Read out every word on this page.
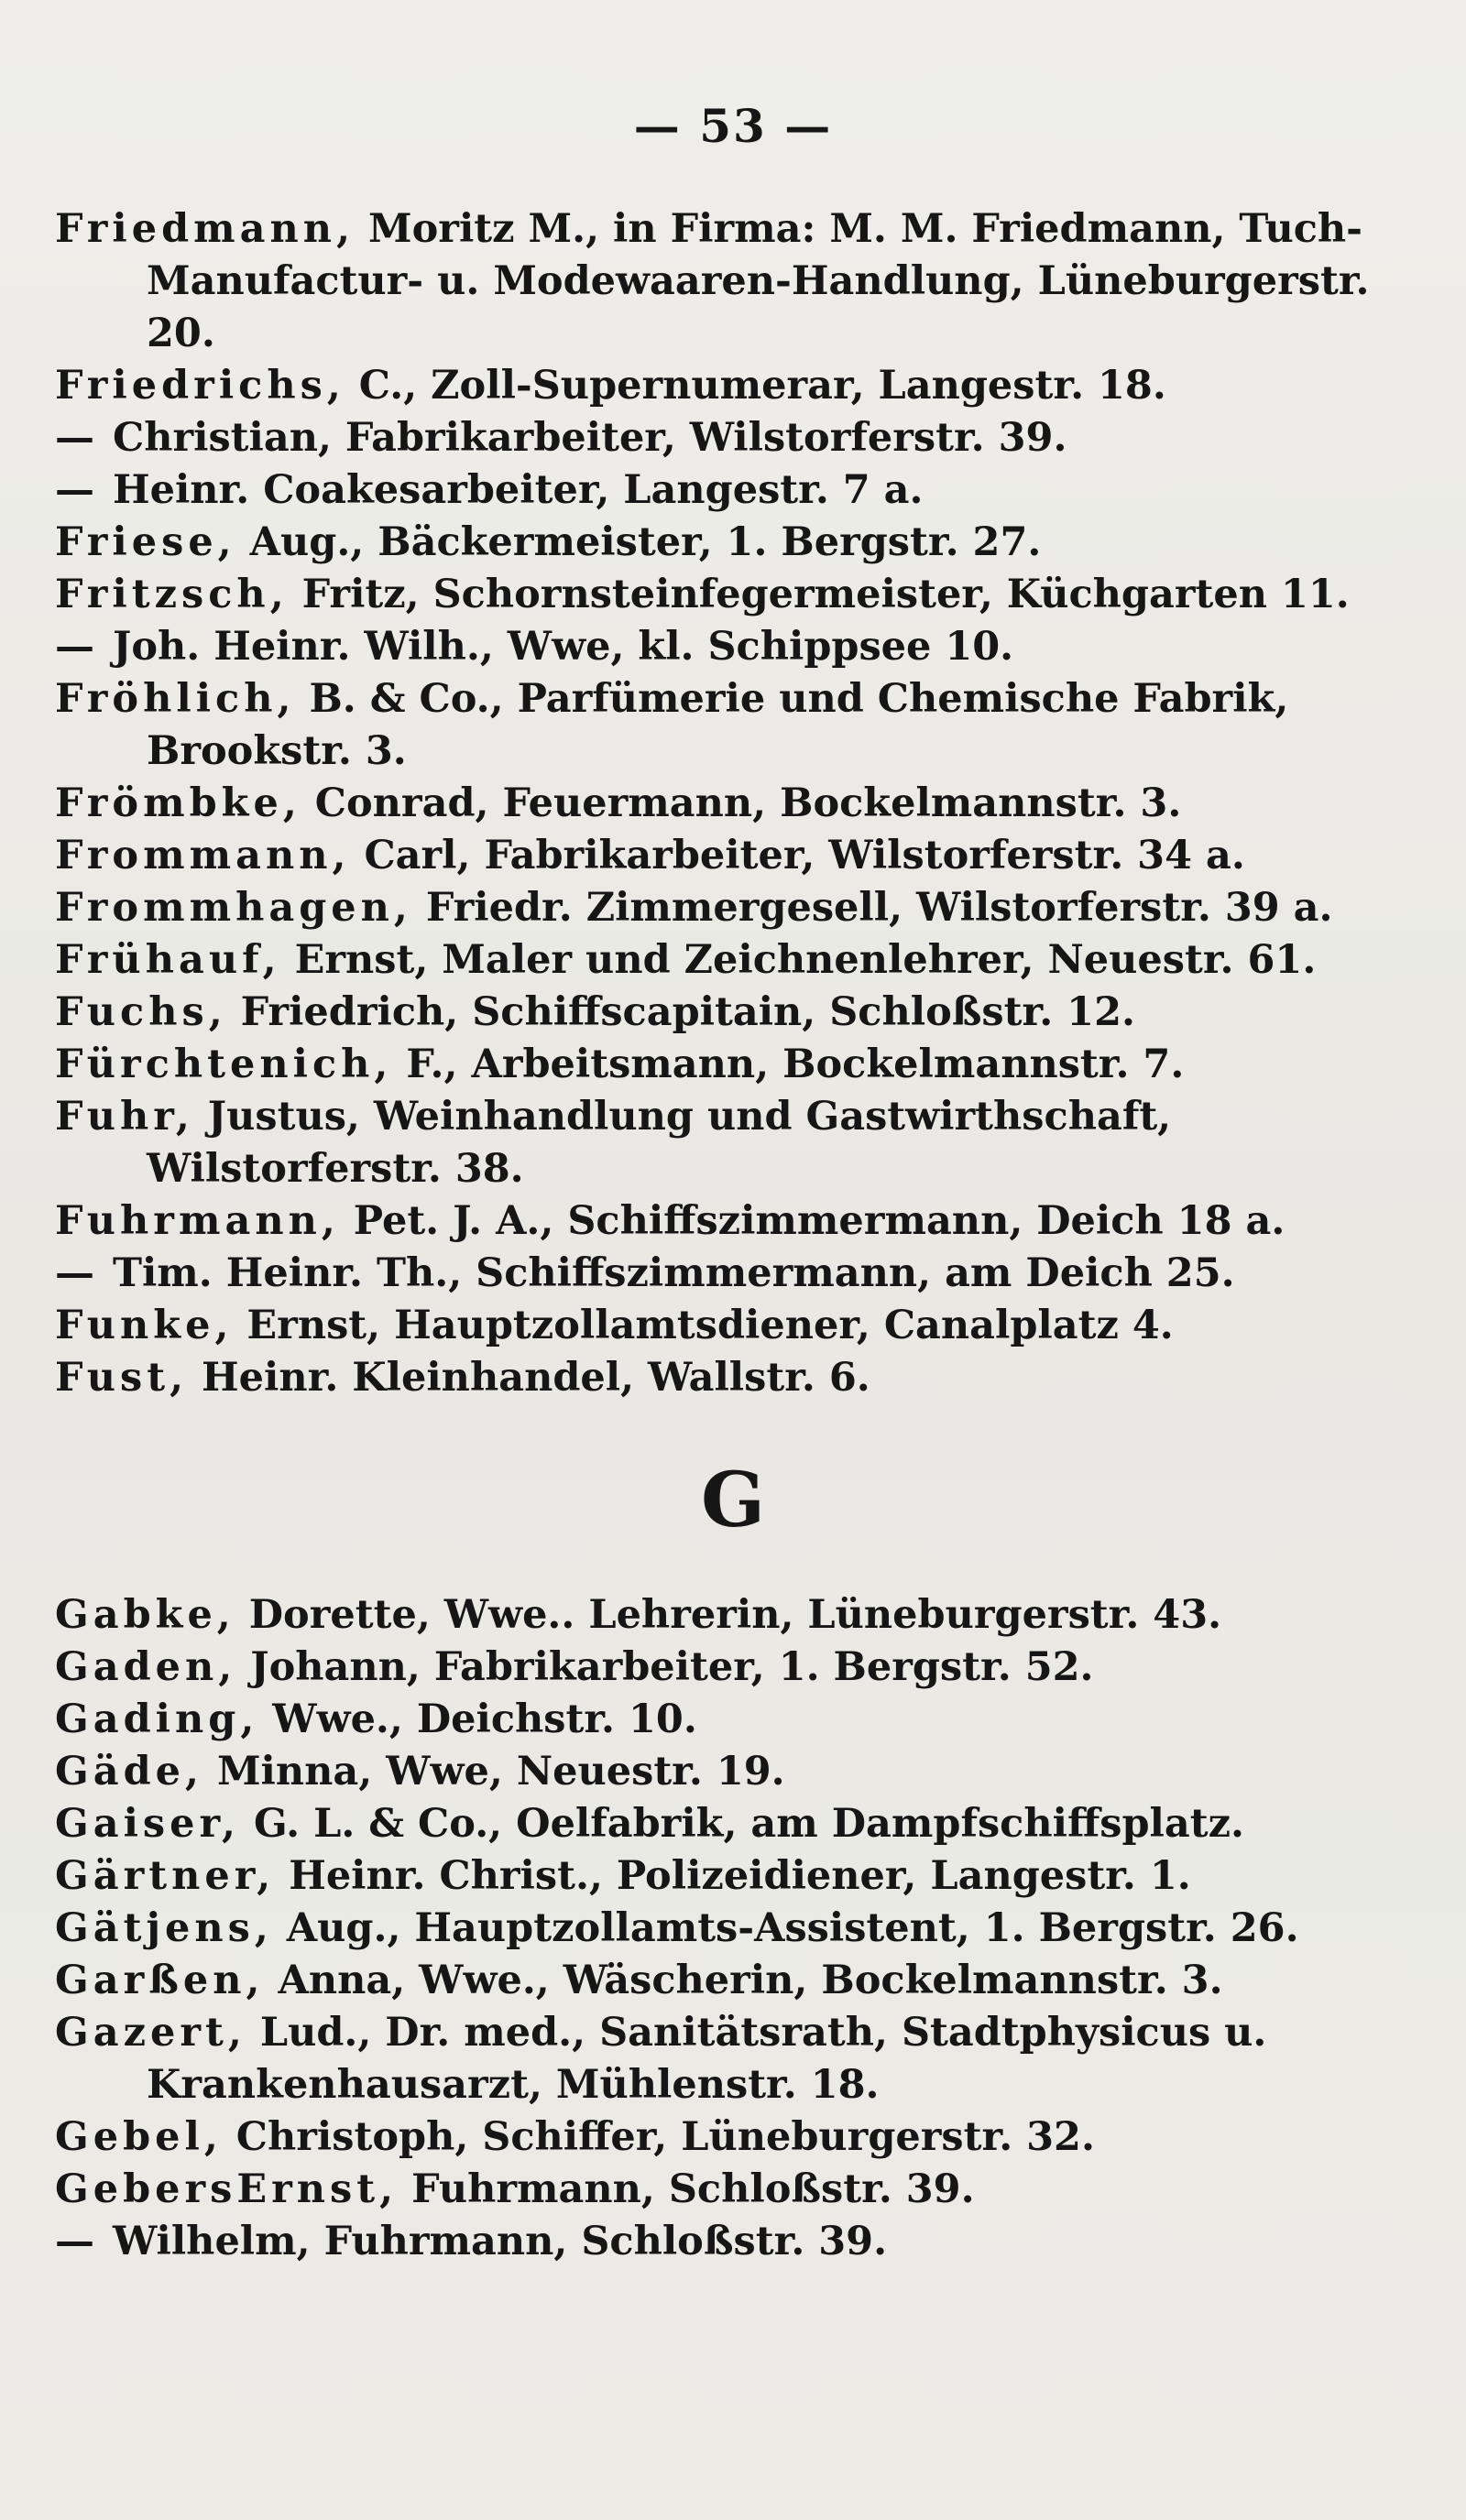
— 53 —
Friedmann, Moritz M., in Firma: M. M. Friedmann, Tuch-Manufactur- u. Modewaaren-Handlung, Lüneburgerstr. 20.
Friedrichs, C., Zoll-Supernumerar, Langestr. 18.
— Christian, Fabrikarbeiter, Wilstorferstr. 39.
— Heinr. Coakesarbeiter, Langestr. 7 a.
Friese, Aug., Bäckermeister, 1. Bergstr. 27.
Fritzsch, Fritz, Schornsteinfegermeister, Küchgarten 11.
— Joh. Heinr. Wilh., Wwe, kl. Schippsee 10.
Fröhlich, B. & Co., Parfümerie und Chemische Fabrik, Brookstr. 3.
Frömbke, Conrad, Feuermann, Bockelmannstr. 3.
Frommann, Carl, Fabrikarbeiter, Wilstorferstr. 34 a.
Frommhagen, Friedr. Zimmergesell, Wilstorferstr. 39 a.
Frühauf, Ernst, Maler und Zeichnenlehrer, Neuestr. 61.
Fuchs, Friedrich, Schiffscapitain, Schloßstr. 12.
Fürchtenich, F., Arbeitsmann, Bockelmannstr. 7.
Fuhr, Justus, Weinhandlung und Gastwirthschaft, Wilstorferstr. 38.
Fuhrmann, Pet. J. A., Schiffszimmermann, Deich 18 a.
— Tim. Heinr. Th., Schiffszimmermann, am Deich 25.
Funke, Ernst, Hauptzollamtsdiener, Canalplatz 4.
Fust, Heinr. Kleinhandel, Wallstr. 6.
G
Gabke, Dorette, Wwe.. Lehrerin, Lüneburgerstr. 43.
Gaden, Johann, Fabrikarbeiter, 1. Bergstr. 52.
Gading, Wwe., Deichstr. 10.
Gäde, Minna, Wwe, Neuestr. 19.
Gaiser, G. L. & Co., Oelfabrik, am Dampfschiffsplatz.
Gärtner, Heinr. Christ., Polizeidiener, Langestr. 1.
Gätjens, Aug., Hauptzollamts-Assistent, 1. Bergstr. 26.
Garßen, Anna, Wwe., Wäscherin, Bockelmannstr. 3.
Gazert, Lud., Dr. med., Sanitätsrath, Stadtphysicus u. Krankenhausarzt, Mühlenstr. 18.
Gebel, Christoph, Schiffer, Lüneburgerstr. 32.
GebersErnst, Fuhrmann, Schloßstr. 39.
— Wilhelm, Fuhrmann, Schloßstr. 39.
